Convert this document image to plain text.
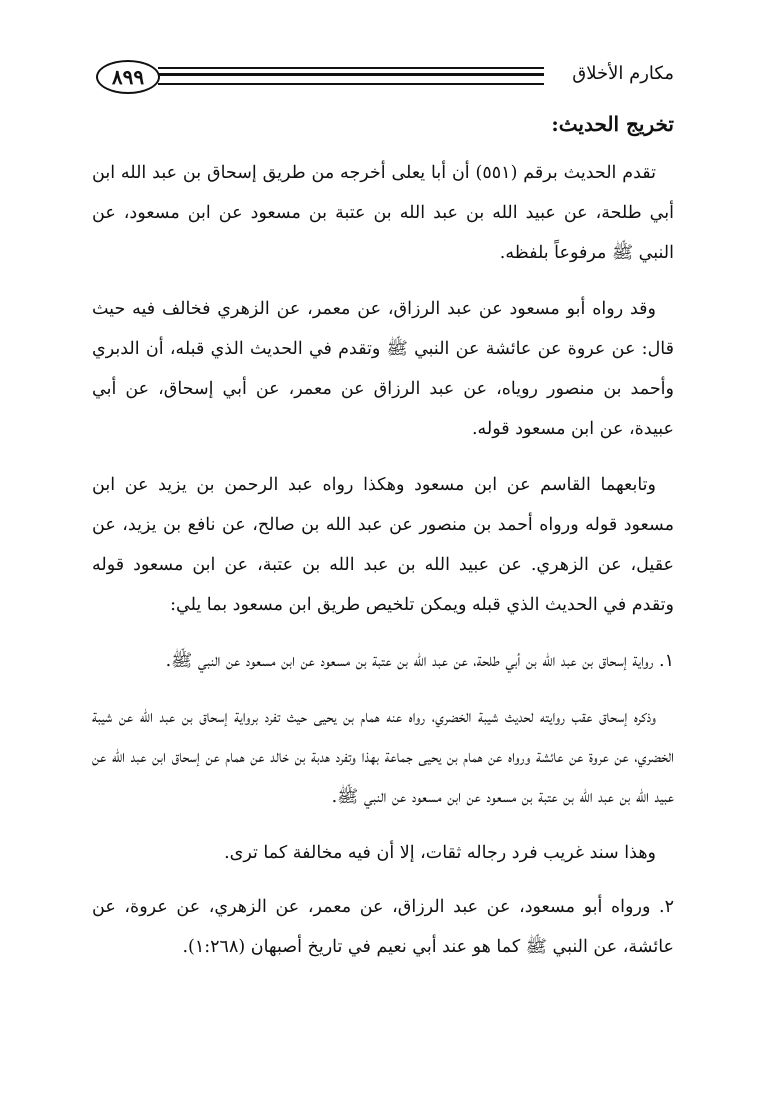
٨٩٩	مكارم الأخلاق
تخريج الحديث:

تقدم الحديث برقم (٥٥١) أن أبا يعلى أخرجه من طريق إسحاق بن عبد الله ابن أبي طلحة، عن عبيد الله بن عبد الله بن عتبة بن مسعود عن ابن مسعود، عن النبي ﷺ مرفوعاً بلفظه.

وقد رواه أبو مسعود عن عبد الرزاق، عن معمر، عن الزهري فخالف فيه حيث قال: عن عروة عن عائشة عن النبي ﷺ وتقدم في الحديث الذي قبله، أن الدبري وأحمد بن منصور روياه، عن عبد الرزاق عن معمر، عن أبي إسحاق، عن أبي عبيدة، عن ابن مسعود قوله.

وتابعهما القاسم عن ابن مسعود وهكذا رواه عبد الرحمن بن يزيد عن ابن مسعود قوله ورواه أحمد بن منصور عن عبد الله بن صالح، عن نافع بن يزيد، عن عقيل، عن الزهري. عن عبيد الله بن عبد الله بن عتبة، عن ابن مسعود قوله وتقدم في الحديث الذي قبله ويمكن تلخيص طريق ابن مسعود بما يلي:

١. رواية إسحاق بن عبد الله بن أبي طلحة، عن عبد الله بن عتبة بن مسعود عن ابن مسعود عن النبي ﷺ.

وذكره إسحاق عقب روايته لحديث شيبة الخضري، رواه عنه همام بن يحيى حيث تفرد برواية إسحاق بن عبد الله عن شيبة الخضري، عن عروة عن عائشة ورواه عن همام بن يحيى جماعة بهذا وتفرد هدبة بن خالد عن همام عن إسحاق ابن عبد الله عن عبيد الله بن عبد الله بن عتبة بن مسعود عن ابن مسعود عن النبي ﷺ.

وهذا سند غريب فرد رجاله ثقات، إلا أن فيه مخالفة كما ترى.

٢. ورواه أبو مسعود، عن عبد الرزاق، عن معمر، عن الزهري، عن عروة، عن عائشة، عن النبي ﷺ كما هو عند أبي نعيم في تاريخ أصبهان (١:٢٦٨).
